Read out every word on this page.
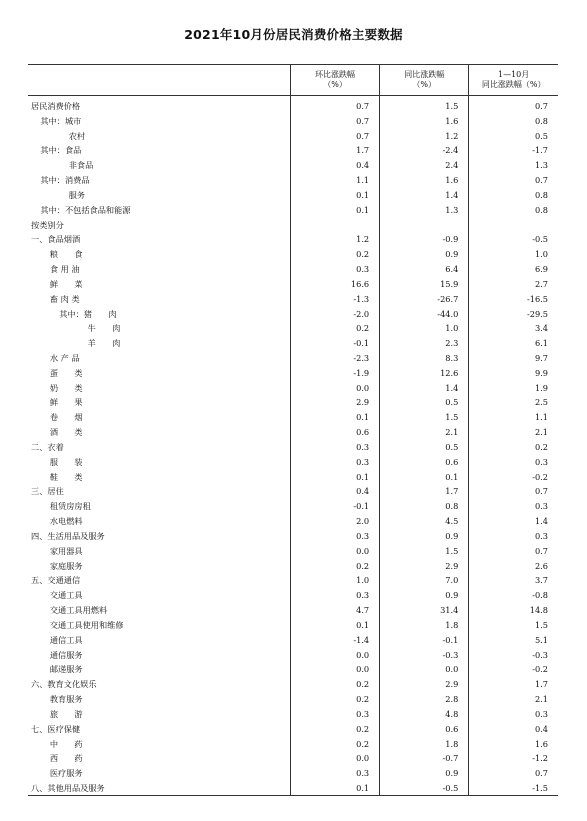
2021年10月份居民消费价格主要数据

	环比涨跌幅
（%）	同比涨跌幅
（%）	1—10月
同比涨跌幅（%）

居民消费价格	0.7	1.5	0.7
其中：城市	0.7	1.6	0.8
农村	0.7	1.2	0.5
其中：食品	1.7	-2.4	-1.7
非食品	0.4	2.4	1.3
其中：消费品	1.1	1.6	0.7
服务	0.1	1.4	0.8
其中：不包括食品和能源	0.1	1.3	0.8
按类别分			
一、食品烟酒	1.2	-0.9	-0.5
粮　　食	0.2	0.9	1.0
食 用 油	0.3	6.4	6.9
鲜　　菜	16.6	15.9	2.7
畜 肉 类	-1.3	-26.7	-16.5
其中：猪　　肉	-2.0	-44.0	-29.5
牛　　肉	0.2	1.0	3.4
羊　　肉	-0.1	2.3	6.1
水 产 品	-2.3	8.3	9.7
蛋　　类	-1.9	12.6	9.9
奶　　类	0.0	1.4	1.9
鲜　　果	2.9	0.5	2.5
卷　　烟	0.1	1.5	1.1
酒　　类	0.6	2.1	2.1
二、衣着	0.3	0.5	0.2
服　　装	0.3	0.6	0.3
鞋　　类	0.1	0.1	-0.2
三、居住	0.4	1.7	0.7
租赁房房租	-0.1	0.8	0.3
水电燃料	2.0	4.5	1.4
四、生活用品及服务	0.3	0.9	0.3
家用器具	0.0	1.5	0.7
家庭服务	0.2	2.9	2.6
五、交通通信	1.0	7.0	3.7
交通工具	0.3	0.9	-0.8
交通工具用燃料	4.7	31.4	14.8
交通工具使用和维修	0.1	1.8	1.5
通信工具	-1.4	-0.1	5.1
通信服务	0.0	-0.3	-0.3
邮递服务	0.0	0.0	-0.2
六、教育文化娱乐	0.2	2.9	1.7
教育服务	0.2	2.8	2.1
旅　　游	0.3	4.8	0.3
七、医疗保健	0.2	0.6	0.4
中　　药	0.2	1.8	1.6
西　　药	0.0	-0.7	-1.2
医疗服务	0.3	0.9	0.7
八、其他用品及服务	0.1	-0.5	-1.5
